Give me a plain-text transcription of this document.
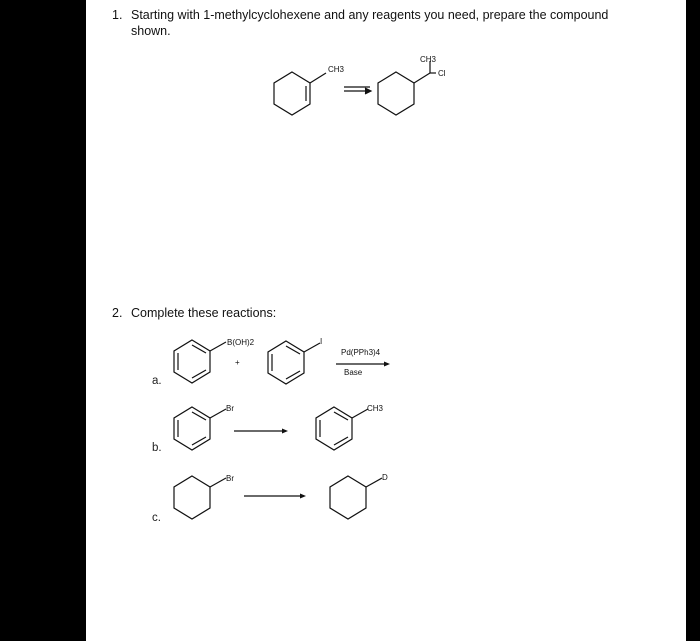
1. Starting with 1-methylcyclohexene and any reagents you need, prepare the compound
shown.
2. Complete these reactions:
a.
b.
c.
CH3
CH3
Cl
B(OH)2
+
I
Pd(PPh3)4
Base
Br	CH3
Br	D
